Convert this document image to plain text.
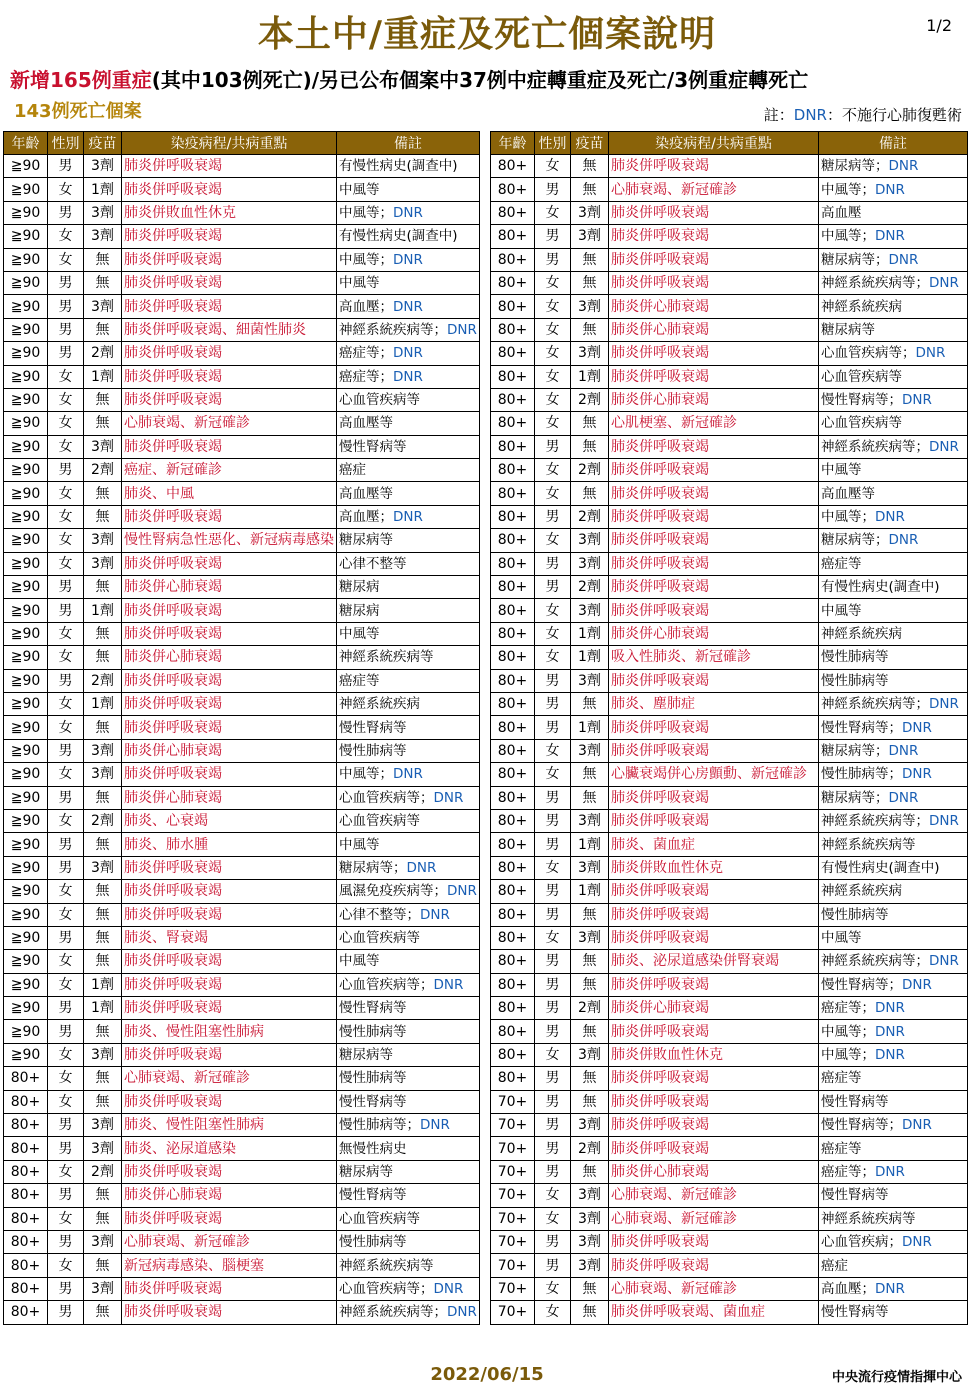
本土中/重症及死亡個案說明	1/2
新增165例重症(其中103例死亡)/另已公布個案中37例中症轉重症及死亡/3例重症轉死亡
143例死亡個案	註：DNR：不施行心肺復甦術
年齡	性別	疫苗	染疫病程/共病重點	備註
≧90	男	3劑	肺炎併呼吸衰竭	有慢性病史(調查中)
≧90	女	1劑	肺炎併呼吸衰竭	中風等
≧90	男	3劑	肺炎併敗血性休克	中風等；DNR
≧90	女	3劑	肺炎併呼吸衰竭	有慢性病史(調查中)
≧90	女	無	肺炎併呼吸衰竭	中風等；DNR
≧90	男	無	肺炎併呼吸衰竭	中風等
≧90	男	3劑	肺炎併呼吸衰竭	高血壓；DNR
≧90	男	無	肺炎併呼吸衰竭、細菌性肺炎	神經系統疾病等；DNR
≧90	男	2劑	肺炎併呼吸衰竭	癌症等；DNR
≧90	女	1劑	肺炎併呼吸衰竭	癌症等；DNR
≧90	女	無	肺炎併呼吸衰竭	心血管疾病等
≧90	女	無	心肺衰竭、新冠確診	高血壓等
≧90	女	3劑	肺炎併呼吸衰竭	慢性腎病等
≧90	男	2劑	癌症、新冠確診	癌症
≧90	女	無	肺炎、中風	高血壓等
≧90	女	無	肺炎併呼吸衰竭	高血壓；DNR
≧90	女	3劑	慢性腎病急性惡化、新冠病毒感染	糖尿病等
≧90	女	3劑	肺炎併呼吸衰竭	心律不整等
≧90	男	無	肺炎併心肺衰竭	糖尿病
≧90	男	1劑	肺炎併呼吸衰竭	糖尿病
≧90	女	無	肺炎併呼吸衰竭	中風等
≧90	女	無	肺炎併心肺衰竭	神經系統疾病等
≧90	男	2劑	肺炎併呼吸衰竭	癌症等
≧90	女	1劑	肺炎併呼吸衰竭	神經系統疾病
≧90	女	無	肺炎併呼吸衰竭	慢性腎病等
≧90	男	3劑	肺炎併心肺衰竭	慢性肺病等
≧90	女	3劑	肺炎併呼吸衰竭	中風等；DNR
≧90	男	無	肺炎併心肺衰竭	心血管疾病等；DNR
≧90	女	2劑	肺炎、心衰竭	心血管疾病等
≧90	男	無	肺炎、肺水腫	中風等
≧90	男	3劑	肺炎併呼吸衰竭	糖尿病等；DNR
≧90	女	無	肺炎併呼吸衰竭	風濕免疫疾病等；DNR
≧90	女	無	肺炎併呼吸衰竭	心律不整等；DNR
≧90	男	無	肺炎、腎衰竭	心血管疾病等
≧90	女	無	肺炎併呼吸衰竭	中風等
≧90	女	1劑	肺炎併呼吸衰竭	心血管疾病等；DNR
≧90	男	1劑	肺炎併呼吸衰竭	慢性腎病等
≧90	男	無	肺炎、慢性阻塞性肺病	慢性肺病等
≧90	女	3劑	肺炎併呼吸衰竭	糖尿病等
80+	女	無	心肺衰竭、新冠確診	慢性肺病等
80+	女	無	肺炎併呼吸衰竭	慢性腎病等
80+	男	3劑	肺炎、慢性阻塞性肺病	慢性肺病等；DNR
80+	男	3劑	肺炎、泌尿道感染	無慢性病史
80+	女	2劑	肺炎併呼吸衰竭	糖尿病等
80+	男	無	肺炎併心肺衰竭	慢性腎病等
80+	女	無	肺炎併呼吸衰竭	心血管疾病等
80+	男	3劑	心肺衰竭、新冠確診	慢性肺病等
80+	女	無	新冠病毒感染、腦梗塞	神經系統疾病等
80+	男	3劑	肺炎併呼吸衰竭	心血管疾病等；DNR
80+	男	無	肺炎併呼吸衰竭	神經系統疾病等；DNR
年齡	性別	疫苗	染疫病程/共病重點	備註
80+	女	無	肺炎併呼吸衰竭	糖尿病等；DNR
80+	男	無	心肺衰竭、新冠確診	中風等；DNR
80+	女	3劑	肺炎併呼吸衰竭	高血壓
80+	男	3劑	肺炎併呼吸衰竭	中風等；DNR
80+	男	無	肺炎併呼吸衰竭	糖尿病等；DNR
80+	女	無	肺炎併呼吸衰竭	神經系統疾病等；DNR
80+	女	3劑	肺炎併心肺衰竭	神經系統疾病
80+	女	無	肺炎併心肺衰竭	糖尿病等
80+	女	3劑	肺炎併呼吸衰竭	心血管疾病等；DNR
80+	女	1劑	肺炎併呼吸衰竭	心血管疾病等
80+	女	2劑	肺炎併心肺衰竭	慢性腎病等；DNR
80+	女	無	心肌梗塞、新冠確診	心血管疾病等
80+	男	無	肺炎併呼吸衰竭	神經系統疾病等；DNR
80+	女	2劑	肺炎併呼吸衰竭	中風等
80+	女	無	肺炎併呼吸衰竭	高血壓等
80+	男	2劑	肺炎併呼吸衰竭	中風等；DNR
80+	女	3劑	肺炎併呼吸衰竭	糖尿病等；DNR
80+	男	3劑	肺炎併呼吸衰竭	癌症等
80+	男	2劑	肺炎併呼吸衰竭	有慢性病史(調查中)
80+	女	3劑	肺炎併呼吸衰竭	中風等
80+	女	1劑	肺炎併心肺衰竭	神經系統疾病
80+	女	1劑	吸入性肺炎、新冠確診	慢性肺病等
80+	男	3劑	肺炎併呼吸衰竭	慢性肺病等
80+	男	無	肺炎、塵肺症	神經系統疾病等；DNR
80+	男	1劑	肺炎併呼吸衰竭	慢性腎病等；DNR
80+	女	3劑	肺炎併呼吸衰竭	糖尿病等；DNR
80+	女	無	心臟衰竭併心房顫動、新冠確診	慢性肺病等；DNR
80+	男	無	肺炎併呼吸衰竭	糖尿病等；DNR
80+	男	3劑	肺炎併呼吸衰竭	神經系統疾病等；DNR
80+	男	1劑	肺炎、菌血症	神經系統疾病等
80+	女	3劑	肺炎併敗血性休克	有慢性病史(調查中)
80+	男	1劑	肺炎併呼吸衰竭	神經系統疾病
80+	男	無	肺炎併呼吸衰竭	慢性肺病等
80+	女	3劑	肺炎併呼吸衰竭	中風等
80+	男	無	肺炎、泌尿道感染併腎衰竭	神經系統疾病等；DNR
80+	男	無	肺炎併呼吸衰竭	慢性腎病等；DNR
80+	男	2劑	肺炎併心肺衰竭	癌症等；DNR
80+	男	無	肺炎併呼吸衰竭	中風等；DNR
80+	女	3劑	肺炎併敗血性休克	中風等；DNR
80+	男	無	肺炎併呼吸衰竭	癌症等
70+	男	無	肺炎併呼吸衰竭	慢性腎病等
70+	男	3劑	肺炎併呼吸衰竭	慢性腎病等；DNR
70+	男	2劑	肺炎併呼吸衰竭	癌症等
70+	男	無	肺炎併心肺衰竭	癌症等；DNR
70+	女	3劑	心肺衰竭、新冠確診	慢性腎病等
70+	女	3劑	心肺衰竭、新冠確診	神經系統疾病等
70+	男	3劑	肺炎併呼吸衰竭	心血管疾病；DNR
70+	男	3劑	肺炎併呼吸衰竭	癌症
70+	女	無	心肺衰竭、新冠確診	高血壓；DNR
70+	女	無	肺炎併呼吸衰竭、菌血症	慢性腎病等
2022/06/15	中央流行疫情指揮中心
